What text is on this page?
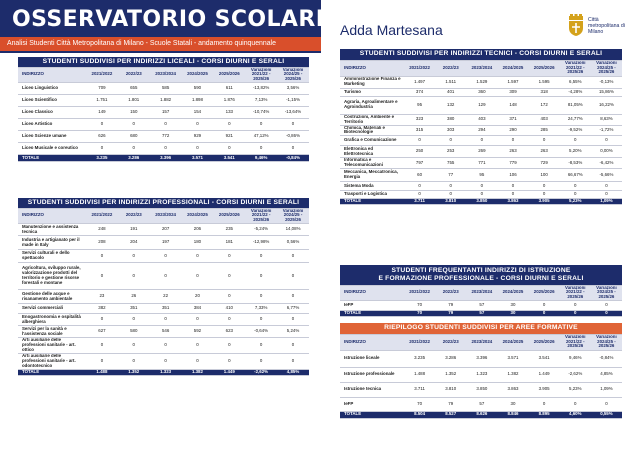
OSSERVATORIO SCOLARITÀ
Analisi Studenti Città Metropolitana di Milano - Scuole Statali - andamento quinquennale
Adda Martesana
Città metropolitana di Milano
STUDENTI SUDDIVISI PER INDIRIZZI LICEALI - CORSI DIURNI E SERALI							
INDIRIZZO	2021/2022	2022/23	2023/2024	2024/2025	2025/2026	Variazioni 2021/22 - 2025/26	Variazioni 2024/25 - 2025/26
Liceo Linguistico	709	655	585	590	611	-13,82%	3,56%
Liceo Scientifico	1.751	1.801	1.882	1.898	1.876	7,13%	-1,15%
Liceo Classico	149	150	157	154	133	-10,74%	-13,64%
Liceo Artistico	0	0	0	0	0	0	0
Liceo Scienze umane	626	680	772	929	921	47,12%	-0,86%
Liceo Musicale e coreutico	0	0	0	0	0	0	0
TOTALE	3.235	3.286	3.396	3.571	3.541	9,46%	-0,84%
STUDENTI SUDDIVISI PER INDIRIZZI PROFESSIONALI - CORSI DIURNI E SERALI							
INDIRIZZO	2021/2022	2022/23	2023/2024	2024/2025	2025/2026	Variazioni 2021/22 - 2025/26	Variazioni 2024/25 - 2025/26
Manutenzione e assistenza tecnica	248	191	207	206	235	-5,24%	14,08%
Industria e artigianato per il made in Italy	208	204	197	180	181	-12,98%	0,56%
Servizi culturali e dello spettacolo	0	0	0	0	0	0	0
Agricoltura, sviluppo rurale, valorizzazione prodotti del territorio e gestione risorse forestali e montane	0	0	0	0	0	0	0
Gestione delle acque e risanamento ambientale	23	26	22	20	0	0	0
Servizi commerciali	382	351	351	384	410	7,33%	6,77%
Enogastronomia e ospitalità alberghiera	0	0	0	0	0	0	0
Servizi per la sanità e l'assistenza sociale	627	580	546	592	623	-0,64%	5,24%
Arti ausiliarie delle professioni sanitarie - art. ottico	0	0	0	0	0	0	0
Arti ausiliarie delle professioni sanitarie - art. odontotecnico	0	0	0	0	0	0	0
TOTALE	1.488	1.352	1.323	1.382	1.449	-2,62%	4,85%
STUDENTI SUDDIVISI PER INDIRIZZI TECNICI - CORSI DIURNI E SERALI							
INDIRIZZO	2021/2022	2022/23	2023/2024	2024/2025	2025/2026	Variazioni 2021/22 - 2025/26	Variazioni 2024/25 - 2025/26
Amministrazione Finanza e Marketing	1.497	1.511	1.529	1.597	1.595	6,55%	-0,13%
Turismo	374	401	360	309	318	-4,28%	15,86%
Agraria, Agroalimentare e Agroindustria	95	132	129	148	172	81,05%	16,22%
Costruzioni, Ambiente e Territorio	323	380	403	371	403	24,77%	8,63%
Chimica, Materiali e Biotecnologie	315	303	294	290	285	-9,52%	-1,72%
Grafica e Comunicazione	0	0	0	0	0	0	0
Elettronica ed Elettrotecnica	250	253	269	263	263	5,20%	0,00%
Informatica e Telecomunicazioni	797	755	771	779	729	-8,53%	-6,42%
Meccanica, Meccatronica, Energia	60	77	95	106	100	66,67%	-5,66%
Sistema Moda	0	0	0	0	0	0	0
Trasporti e Logistica	0	0	0	0	0	0	0
TOTALE	3.711	3.810	3.850	3.863	3.905	5,23%	1,09%
STUDENTI FREQUENTANTI INDIRIZZI DI ISTRUZIONE
E FORMAZIONE PROFESSIONALE - CORSI DIURNI E SERALI							

INDIRIZZO	2021/2022	2022/23	2023/2024	2024/2025	2025/2026	Variazioni 2021/22 - 2025/26	Variazioni 2024/25 - 2025/26
IeFP	70	79	57	30	0	0	0
TOTALE	70	79	57	30	0	0	0
RIEPILOGO STUDENTI SUDDIVISI PER AREE FORMATIVE							
INDIRIZZO	2021/2022	2022/23	2023/2024	2024/2025	2025/2026	Variazioni 2021/22 - 2025/26	Variazioni 2024/25 - 2025/26
Istruzione liceale	3.235	3.286	3.396	3.571	3.541	9,46%	-0,84%
Istruzione professionale	1.488	1.352	1.323	1.382	1.449	-2,62%	4,85%
Istruzione tecnica	3.711	3.810	3.850	3.863	3.905	5,23%	1,09%
IeFP	70	79	57	30	0	0	0
TOTALE	8.504	8.527	8.626	8.846	8.895	4,60%	0,55%
